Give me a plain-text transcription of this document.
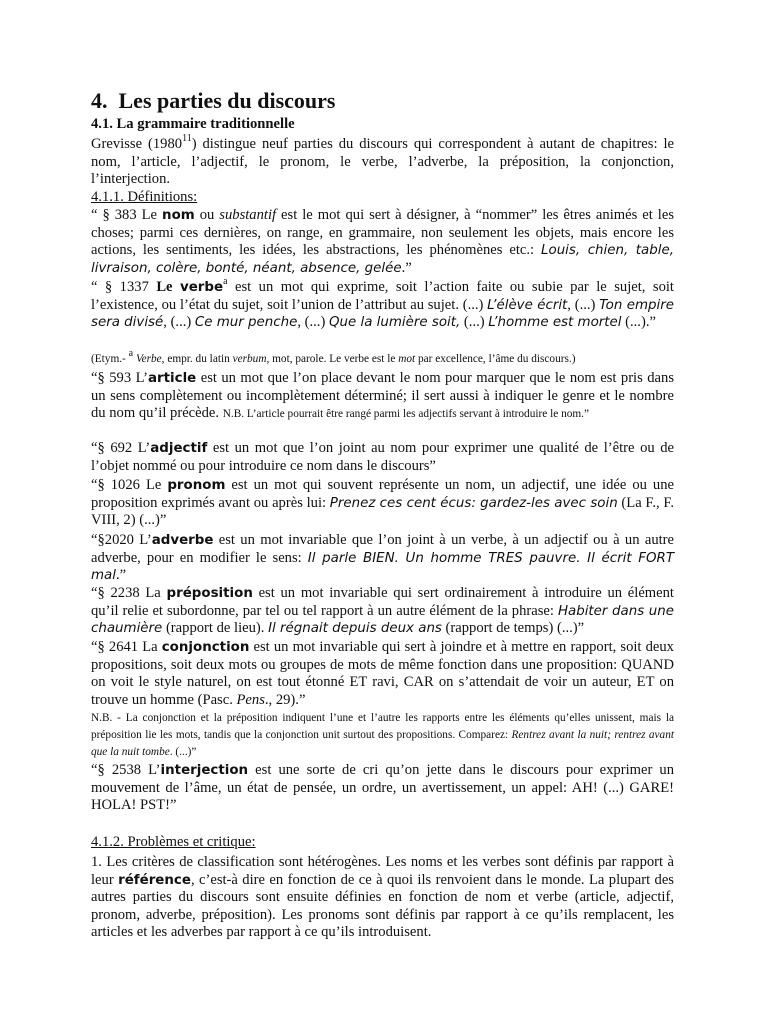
4. Les parties du discours

4.1. La grammaire traditionnelle

Grevisse (1980$^{11}$) distingue neuf parties du discours qui correspondent à autant de chapitres: le nom, l’article, l’adjectif, le pronom, le verbe, l’adverbe, la préposition, la conjonction, l’interjection.

4.1.1. Définitions:

“ § 383 Le nom ou substantif est le mot qui sert à désigner, à “nommer” les êtres animés et les choses; parmi ces dernières, on range, en grammaire, non seulement les objets, mais encore les actions, les sentiments, les idées, les abstractions, les phénomènes etc.: Louis, chien, table, livraison, colère, bonté, néant, absence, gelée.”

“ § 1337 Le verbe$^a$ est un mot qui exprime, soit l’action faite ou subie par le sujet, soit l’existence, ou l’état du sujet, soit l’union de l’attribut au sujet. (...) L’élève écrit, (...) Ton empire sera divisé, (...) Ce mur penche, (...) Que la lumière soit, (...) L’homme est mortel (...).”

(Etym.- $^a$ Verbe, empr. du latin verbum, mot, parole. Le verbe est le mot par excellence, l’âme du discours.)

“§ 593 L’article est un mot que l’on place devant le nom pour marquer que le nom est pris dans un sens complètement ou incomplètement déterminé; il sert aussi à indiquer le genre et le nombre du nom qu’il précède. N.B. L’article pourrait être rangé parmi les adjectifs servant à introduire le nom.”

“§ 692 L’adjectif est un mot que l’on joint au nom pour exprimer une qualité de l’être ou de l’objet nommé ou pour introduire ce nom dans le discours”

“§ 1026 Le pronom est un mot qui souvent représente un nom, un adjectif, une idée ou une proposition exprimés avant ou après lui: Prenez ces cent écus: gardez-les avec soin (La F., F. VIII, 2) (...)”

“§2020 L’adverbe est un mot invariable que l’on joint à un verbe, à un adjectif ou à un autre adverbe, pour en modifier le sens: Il parle BIEN. Un homme TRES pauvre. Il écrit FORT mal.”

“§ 2238 La préposition est un mot invariable qui sert ordinairement à introduire un élément qu’il relie et subordonne, par tel ou tel rapport à un autre élément de la phrase: Habiter dans une chaumière (rapport de lieu). Il régnait depuis deux ans (rapport de temps) (...)”

“§ 2641 La conjonction est un mot invariable qui sert à joindre et à mettre en rapport, soit deux propositions, soit deux mots ou groupes de mots de même fonction dans une proposition: QUAND on voit le style naturel, on est tout étonné ET ravi, CAR on s’attendait de voir un auteur, ET on trouve un homme (Pasc. Pens., 29).”

N.B. - La conjonction et la préposition indiquent l’une et l’autre les rapports entre les éléments qu’elles unissent, mais la préposition lie les mots, tandis que la conjonction unit surtout des propositions. Comparez: Rentrez avant la nuit; rentrez avant que la nuit tombe. (...)”

“§ 2538 L’interjection est une sorte de cri qu’on jette dans le discours pour exprimer un mouvement de l’âme, un état de pensée, un ordre, un avertissement, un appel: AH! (...) GARE! HOLA! PST!”

4.1.2. Problèmes et critique:

1. Les critères de classification sont hétérogènes. Les noms et les verbes sont définis par rapport à leur référence, c’est-à dire en fonction de ce à quoi ils renvoient dans le monde. La plupart des autres parties du discours sont ensuite définies en fonction de nom et verbe (article, adjectif, pronom, adverbe, préposition). Les pronoms sont définis par rapport à ce qu’ils remplacent, les articles et les adverbes par rapport à ce qu’ils introduisent.
